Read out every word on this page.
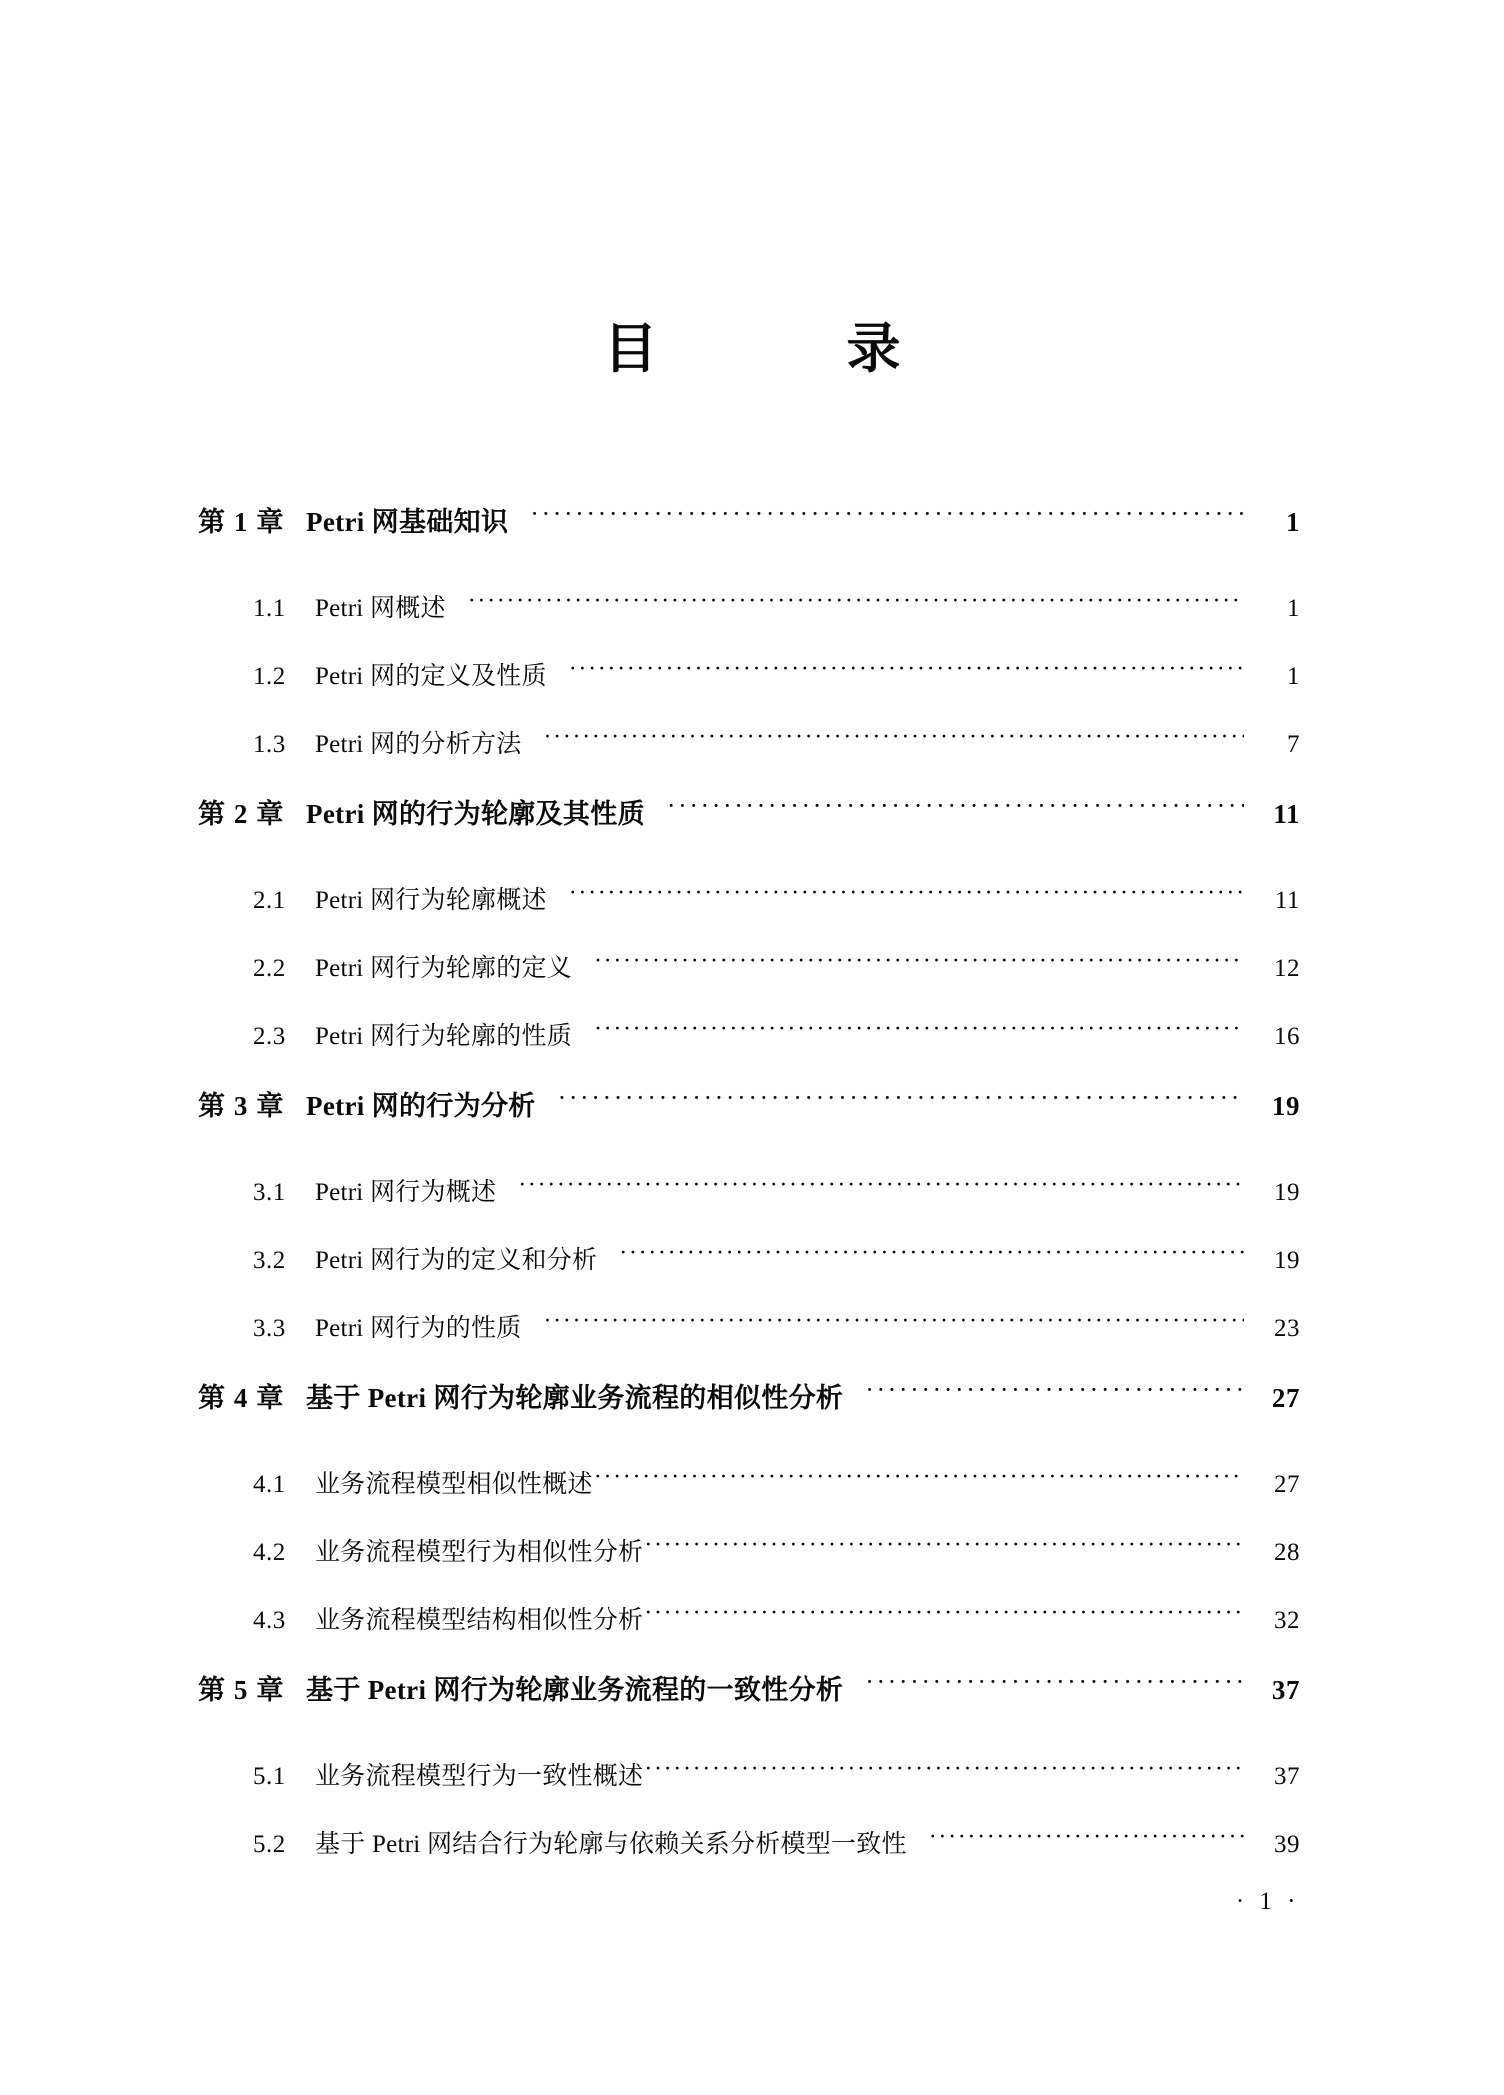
目    录
第 1 章 Petri 网基础知识 ·····	1
1.1	Petri 网概述 ·····	1
1.2	Petri 网的定义及性质 ·····	1
1.3	Petri 网的分析方法 ·····	7
第 2 章 Petri 网的行为轮廓及其性质 ·····	11
2.1	Petri 网行为轮廓概述 ·····	11
2.2	Petri 网行为轮廓的定义 ·····	12
2.3	Petri 网行为轮廓的性质 ·····	16
第 3 章 Petri 网的行为分析 ·····	19
3.1	Petri 网行为概述 ·····	19
3.2	Petri 网行为的定义和分析 ·····	19
3.3	Petri 网行为的性质 ·····	23
第 4 章 基于 Petri 网行为轮廓业务流程的相似性分析 ·····	27
4.1	业务流程模型相似性概述 ·····	27
4.2	业务流程模型行为相似性分析 ·····	28
4.3	业务流程模型结构相似性分析 ·····	32
第 5 章 基于 Petri 网行为轮廓业务流程的一致性分析 ·····	37
5.1	业务流程模型行为一致性概述 ·····	37
5.2	基于 Petri 网结合行为轮廓与依赖关系分析模型一致性 ·····	39
· 1 ·
